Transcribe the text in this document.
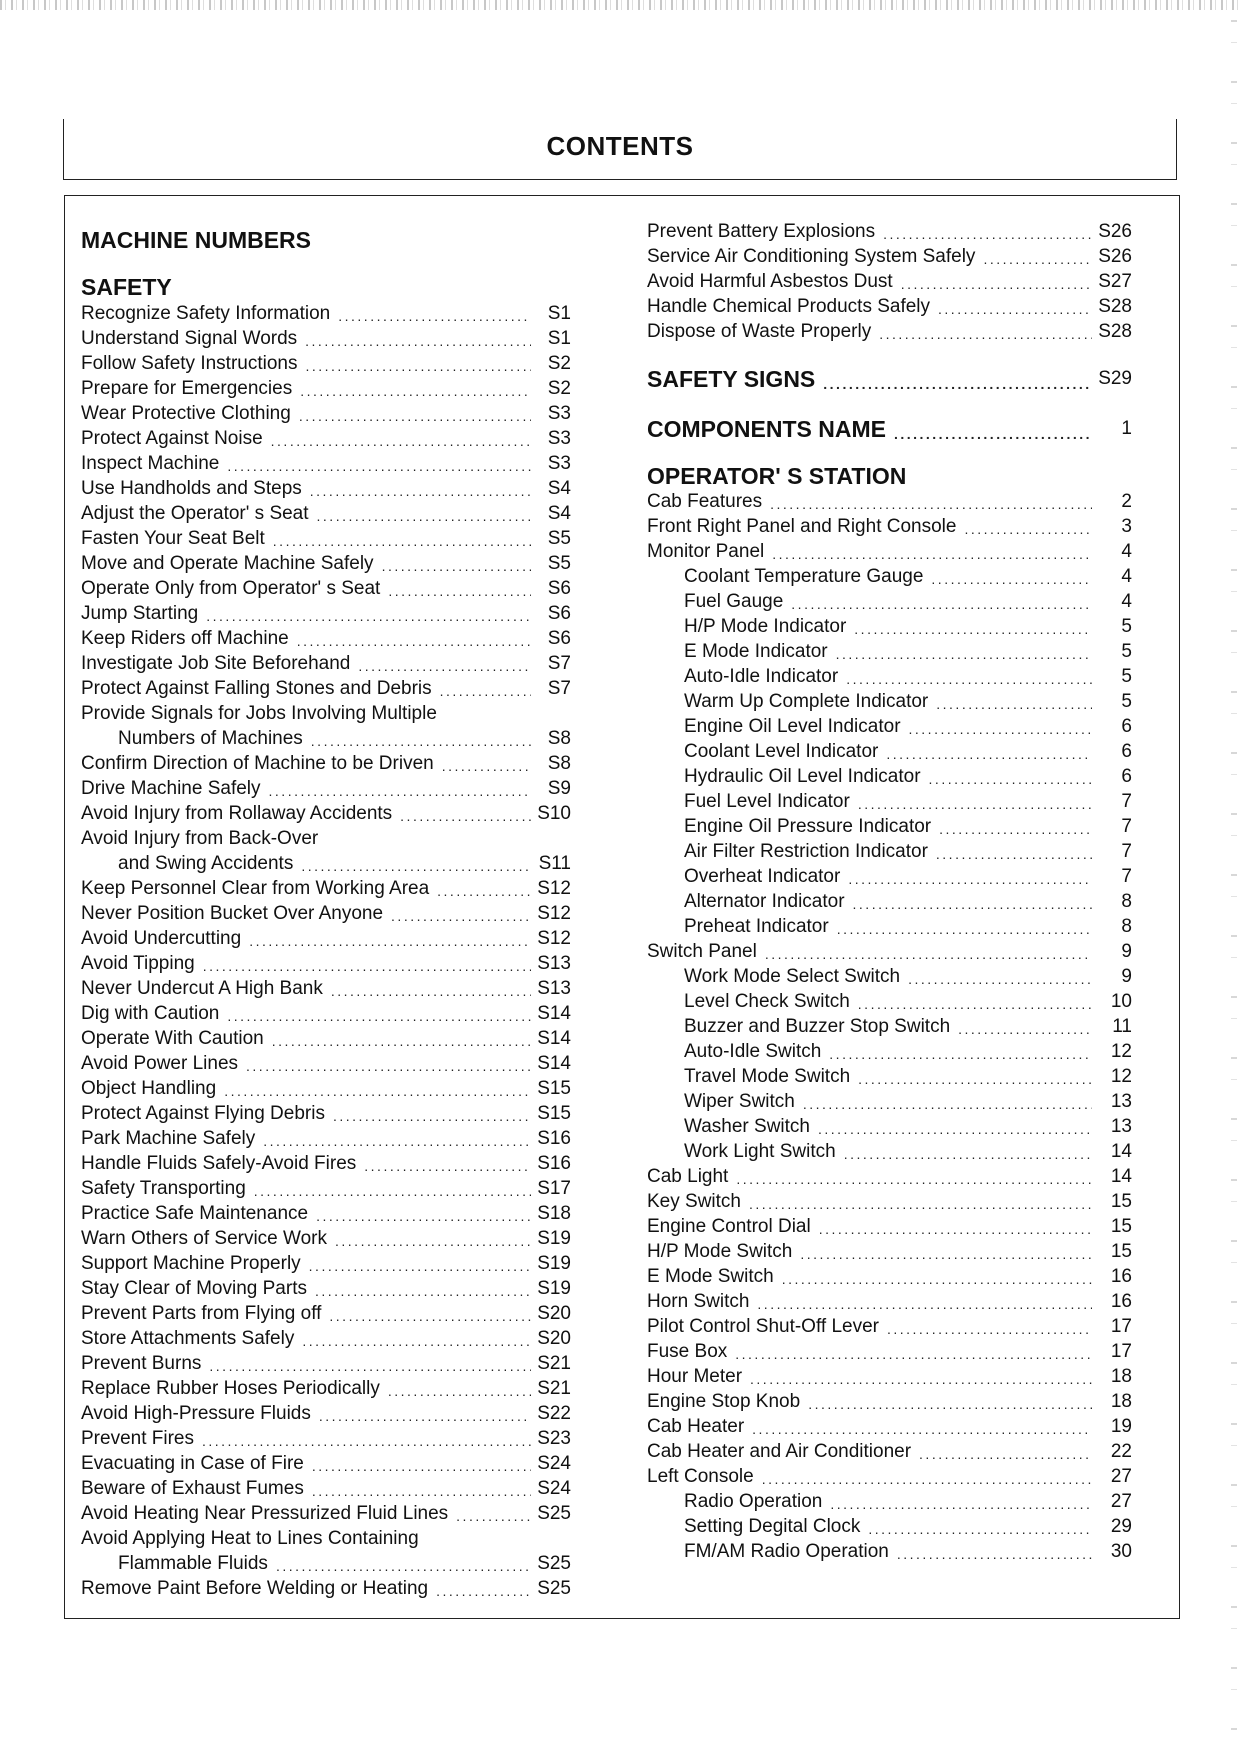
CONTENTS
MACHINE NUMBERS
SAFETY
Recognize Safety Information .....	S1
Understand Signal Words .....	S1
Follow Safety Instructions .....	S2
Prepare for Emergencies .....	S2
Wear Protective Clothing .....	S3
Protect Against Noise .....	S3
Inspect Machine .....	S3
Use Handholds and Steps .....	S4
Adjust the Operator' s Seat .....	S4
Fasten Your Seat Belt .....	S5
Move and Operate Machine Safely .....	S5
Operate Only from Operator' s Seat .....	S6
Jump Starting .....	S6
Keep Riders off Machine .....	S6
Investigate Job Site Beforehand .....	S7
Protect Against Falling Stones and Debris .....	S7
Provide Signals for Jobs Involving Multiple
Numbers of Machines .....	S8
Confirm Direction of Machine to be Driven .....	S8
Drive Machine Safely .....	S9
Avoid Injury from Rollaway Accidents .....	S10
Avoid Injury from Back-Over
and Swing Accidents .....	S11
Keep Personnel Clear from Working Area .....	S12
Never Position Bucket Over Anyone .....	S12
Avoid Undercutting .....	S12
Avoid Tipping .....	S13
Never Undercut A High Bank .....	S13
Dig with Caution .....	S14
Operate With Caution .....	S14
Avoid Power Lines .....	S14
Object Handling .....	S15
Protect Against Flying Debris .....	S15
Park Machine Safely .....	S16
Handle Fluids Safely-Avoid Fires .....	S16
Safety Transporting .....	S17
Practice Safe Maintenance .....	S18
Warn Others of Service Work .....	S19
Support Machine Properly .....	S19
Stay Clear of Moving Parts .....	S19
Prevent Parts from Flying off .....	S20
Store Attachments Safely .....	S20
Prevent Burns .....	S21
Replace Rubber Hoses Periodically .....	S21
Avoid High-Pressure Fluids .....	S22
Prevent Fires .....	S23
Evacuating in Case of Fire .....	S24
Beware of Exhaust Fumes .....	S24
Avoid Heating Near Pressurized Fluid Lines .....	S25
Avoid Applying Heat to Lines Containing
Flammable Fluids .....	S25
Remove Paint Before Welding or Heating .....	S25
Prevent Battery Explosions .....	S26
Service Air Conditioning System Safely .....	S26
Avoid Harmful Asbestos Dust .....	S27
Handle Chemical Products Safely .....	S28
Dispose of Waste Properly .....	S28
SAFETY SIGNS .....	S29
COMPONENTS NAME .....	1
OPERATOR' S STATION
Cab Features .....	2
Front Right Panel and Right Console .....	3
Monitor Panel .....	4
Coolant Temperature Gauge .....	4
Fuel Gauge .....	4
H/P Mode Indicator .....	5
E Mode Indicator .....	5
Auto-Idle Indicator .....	5
Warm Up Complete Indicator .....	5
Engine Oil Level Indicator .....	6
Coolant Level Indicator .....	6
Hydraulic Oil Level Indicator .....	6
Fuel Level Indicator .....	7
Engine Oil Pressure Indicator .....	7
Air Filter Restriction Indicator .....	7
Overheat Indicator .....	7
Alternator Indicator .....	8
Preheat Indicator .....	8
Switch Panel .....	9
Work Mode Select Switch .....	9
Level Check Switch .....	10
Buzzer and Buzzer Stop Switch .....	11
Auto-Idle Switch .....	12
Travel Mode Switch .....	12
Wiper Switch .....	13
Washer Switch .....	13
Work Light Switch .....	14
Cab Light .....	14
Key Switch .....	15
Engine Control Dial .....	15
H/P Mode Switch .....	15
E Mode Switch .....	16
Horn Switch .....	16
Pilot Control Shut-Off Lever .....	17
Fuse Box .....	17
Hour Meter .....	18
Engine Stop Knob .....	18
Cab Heater .....	19
Cab Heater and Air Conditioner .....	22
Left Console .....	27
Radio Operation .....	27
Setting Degital Clock .....	29
FM/AM Radio Operation .....	30
